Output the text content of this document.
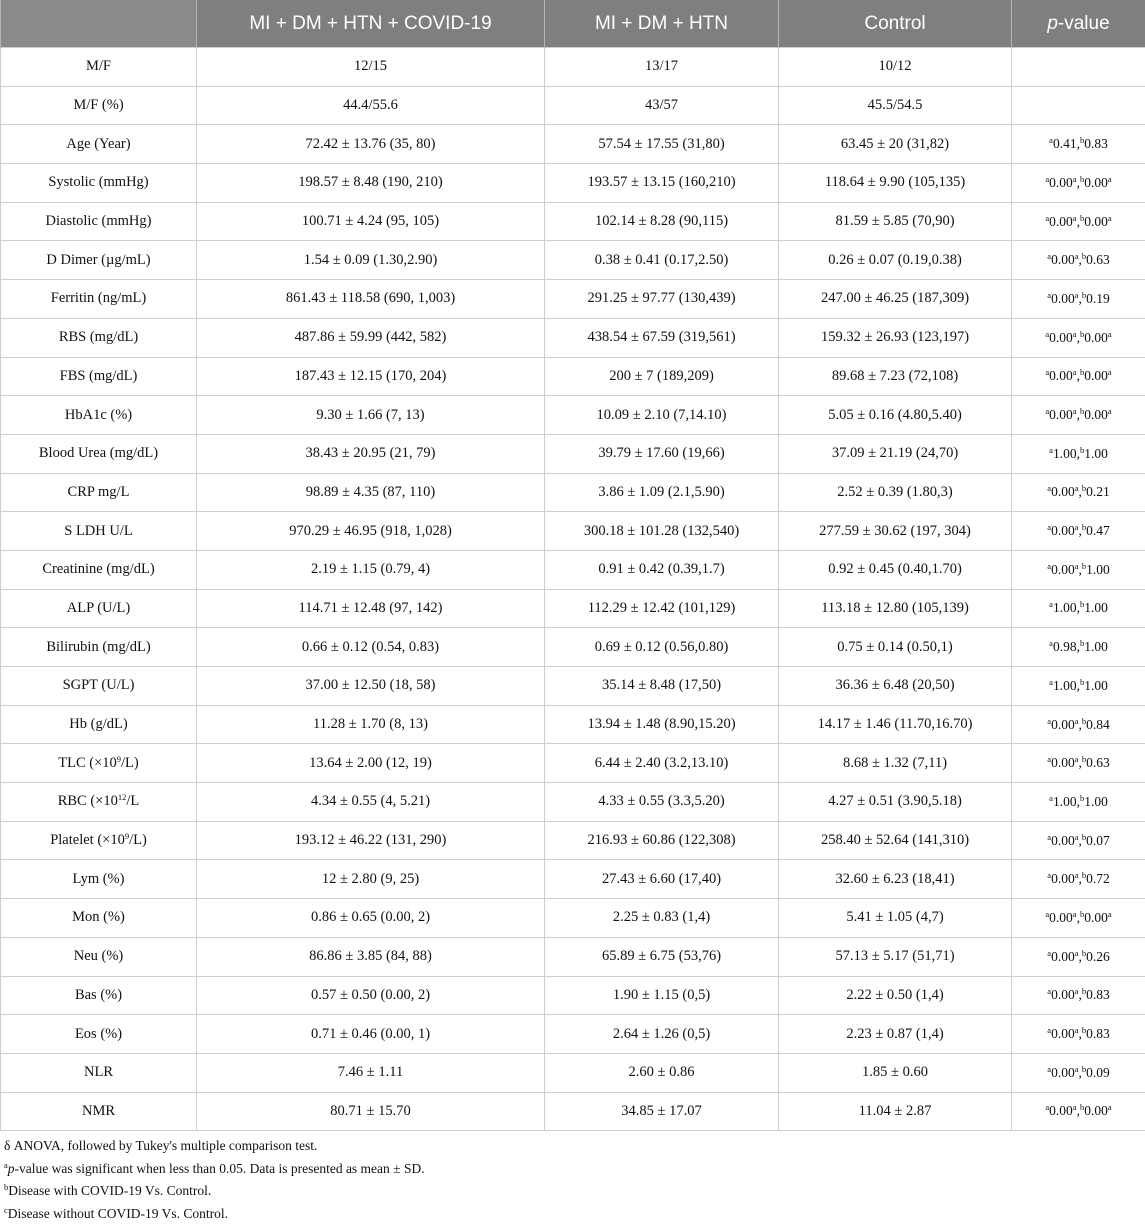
	MI + DM + HTN + COVID-19	MI + DM + HTN	Control	p-value
M/F	12/15	13/17	10/12	
M/F (%)	44.4/55.6	43/57	45.5/54.5	
Age (Year)	72.42 ± 13.76 (35, 80)	57.54 ± 17.55 (31,80)	63.45 ± 20 (31,82)	$^a$0.41,$^b$0.83
Systolic (mmHg)	198.57 ± 8.48 (190, 210)	193.57 ± 13.15 (160,210)	118.64 ± 9.90 (105,135)	$^a$0.00$^a$,$^b$0.00$^a$
Diastolic (mmHg)	100.71 ± 4.24 (95, 105)	102.14 ± 8.28 (90,115)	81.59 ± 5.85 (70,90)	$^a$0.00$^a$,$^b$0.00$^a$
D Dimer (µg/mL)	1.54 ± 0.09 (1.30,2.90)	0.38 ± 0.41 (0.17,2.50)	0.26 ± 0.07 (0.19,0.38)	$^a$0.00$^a$,$^b$0.63
Ferritin (ng/mL)	861.43 ± 118.58 (690, 1,003)	291.25 ± 97.77 (130,439)	247.00 ± 46.25 (187,309)	$^a$0.00$^a$,$^b$0.19
RBS (mg/dL)	487.86 ± 59.99 (442, 582)	438.54 ± 67.59 (319,561)	159.32 ± 26.93 (123,197)	$^a$0.00$^a$,$^b$0.00$^a$
FBS (mg/dL)	187.43 ± 12.15 (170, 204)	200 ± 7 (189,209)	89.68 ± 7.23 (72,108)	$^a$0.00$^a$,$^b$0.00$^a$
HbA1c (%)	9.30 ± 1.66 (7, 13)	10.09 ± 2.10 (7,14.10)	5.05 ± 0.16 (4.80,5.40)	$^a$0.00$^a$,$^b$0.00$^a$
Blood Urea (mg/dL)	38.43 ± 20.95 (21, 79)	39.79 ± 17.60 (19,66)	37.09 ± 21.19 (24,70)	$^a$1.00,$^b$1.00
CRP mg/L	98.89 ± 4.35 (87, 110)	3.86 ± 1.09 (2.1,5.90)	2.52 ± 0.39 (1.80,3)	$^a$0.00$^a$,$^b$0.21
S LDH U/L	970.29 ± 46.95 (918, 1,028)	300.18 ± 101.28 (132,540)	277.59 ± 30.62 (197, 304)	$^a$0.00$^a$,$^b$0.47
Creatinine (mg/dL)	2.19 ± 1.15 (0.79, 4)	0.91 ± 0.42 (0.39,1.7)	0.92 ± 0.45 (0.40,1.70)	$^a$0.00$^a$,$^b$1.00
ALP (U/L)	114.71 ± 12.48 (97, 142)	112.29 ± 12.42 (101,129)	113.18 ± 12.80 (105,139)	$^a$1.00,$^b$1.00
Bilirubin (mg/dL)	0.66 ± 0.12 (0.54, 0.83)	0.69 ± 0.12 (0.56,0.80)	0.75 ± 0.14 (0.50,1)	$^a$0.98,$^b$1.00
SGPT (U/L)	37.00 ± 12.50 (18, 58)	35.14 ± 8.48 (17,50)	36.36 ± 6.48 (20,50)	$^a$1.00,$^b$1.00
Hb (g/dL)	11.28 ± 1.70 (8, 13)	13.94 ± 1.48 (8.90,15.20)	14.17 ± 1.46 (11.70,16.70)	$^a$0.00$^a$,$^b$0.84
TLC $(\times 10^9/L)$	13.64 ± 2.00 (12, 19)	6.44 ± 2.40 (3.2,13.10)	8.68 ± 1.32 (7,11)	$^a$0.00$^a$,$^b$0.63
RBC ($\times 10^{12}/L$	4.34 ± 0.55 (4, 5.21)	4.33 ± 0.55 (3.3,5.20)	4.27 ± 0.51 (3.90,5.18)	$^a$1.00,$^b$1.00
Platelet $(\times 10^9/L)$	193.12 ± 46.22 (131, 290)	216.93 ± 60.86 (122,308)	258.40 ± 52.64 (141,310)	$^a$0.00$^a$,$^b$0.07
Lym (%)	12 ± 2.80 (9, 25)	27.43 ± 6.60 (17,40)	32.60 ± 6.23 (18,41)	$^a$0.00$^a$,$^b$0.72
Mon (%)	0.86 ± 0.65 (0.00, 2)	2.25 ± 0.83 (1,4)	5.41 ± 1.05 (4,7)	$^a$0.00$^a$,$^b$0.00$^a$
Neu (%)	86.86 ± 3.85 (84, 88)	65.89 ± 6.75 (53,76)	57.13 ± 5.17 (51,71)	$^a$0.00$^a$,$^b$0.26
Bas (%)	0.57 ± 0.50 (0.00, 2)	1.90 ± 1.15 (0,5)	2.22 ± 0.50 (1,4)	$^a$0.00$^a$,$^b$0.83
Eos (%)	0.71 ± 0.46 (0.00, 1)	2.64 ± 1.26 (0,5)	2.23 ± 0.87 (1,4)	$^a$0.00$^a$,$^b$0.83
NLR	7.46 ± 1.11	2.60 ± 0.86	1.85 ± 0.60	$^a$0.00$^a$,$^b$0.09
NMR	80.71 ± 15.70	34.85 ± 17.07	11.04 ± 2.87	$^a$0.00$^a$,$^b$0.00$^a$
δ ANOVA, followed by Tukey's multiple comparison test.
$^a$p-value was significant when less than 0.05. Data is presented as mean ± SD.
$^b$Disease with COVID-19 Vs. Control.
$^c$Disease without COVID-19 Vs. Control.
